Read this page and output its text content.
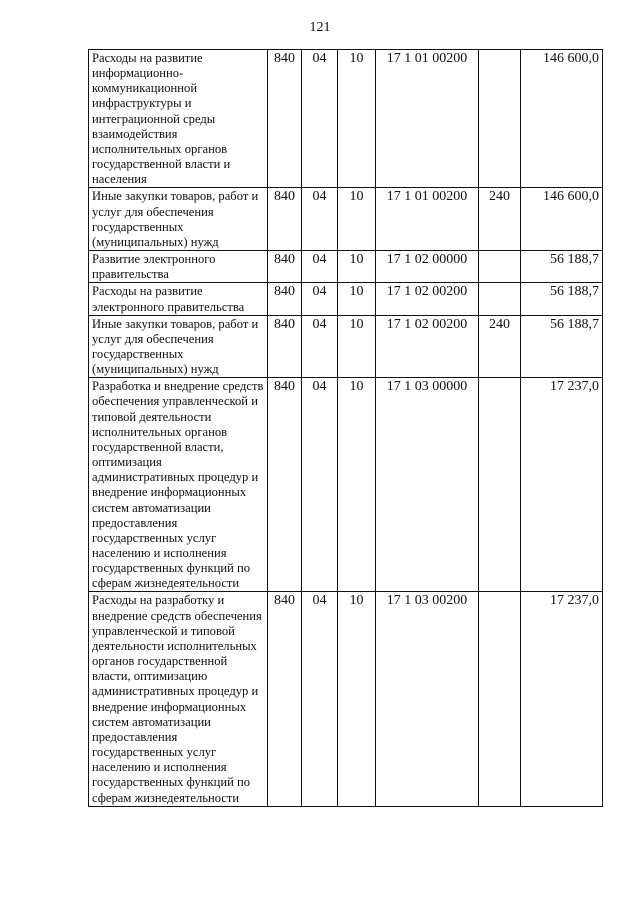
121
Расходы на развитие информационно-коммуникационной инфраструктуры и интеграционной среды взаимодействия исполнительных органов государственной власти и населения	840	04	10	17 1 01 00200		146 600,0
Иные закупки товаров, работ и услуг для обеспечения государственных (муниципальных) нужд	840	04	10	17 1 01 00200	240	146 600,0
Развитие электронного правительства	840	04	10	17 1 02 00000		56 188,7
Расходы на развитие электронного правительства	840	04	10	17 1 02 00200		56 188,7
Иные закупки товаров, работ и услуг для обеспечения государственных (муниципальных) нужд	840	04	10	17 1 02 00200	240	56 188,7
Разработка и внедрение средств обеспечения управленческой и типовой деятельности исполнительных органов государственной власти, оптимизация административных процедур и внедрение информационных систем автоматизации предоставления государственных услуг населению и исполнения государственных функций по сферам жизнедеятельности	840	04	10	17 1 03 00000		17 237,0
Расходы на разработку и внедрение средств обеспечения управленческой и типовой деятельности исполнительных органов государственной власти, оптимизацию административных процедур и внедрение информационных систем автоматизации предоставления государственных услуг населению и исполнения государственных функций по сферам жизнедеятельности	840	04	10	17 1 03 00200		17 237,0
